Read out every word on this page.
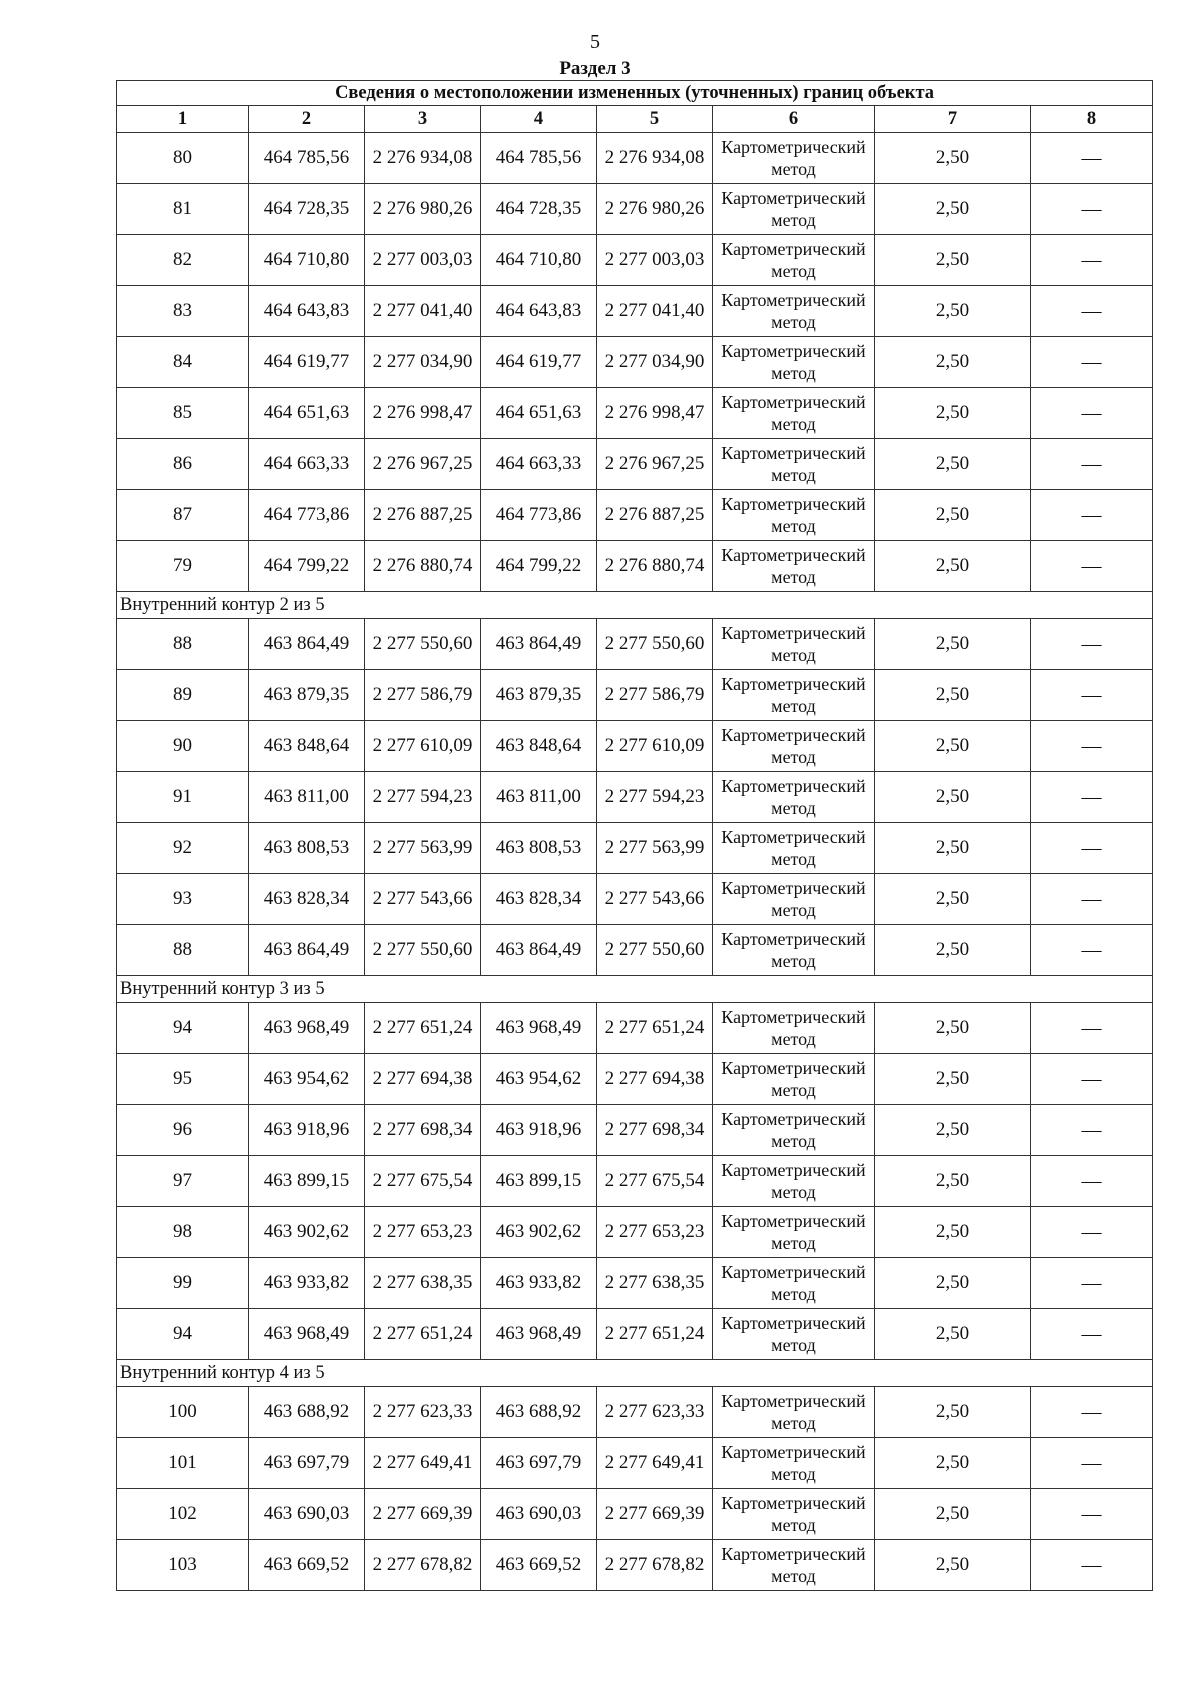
5
Раздел 3
Сведения о местоположении измененных (уточненных) границ объекта							
1	2	3	4	5	6	7	8
80	464 785,56	2 276 934,08	464 785,56	2 276 934,08	Картометрический метод	2,50	—
81	464 728,35	2 276 980,26	464 728,35	2 276 980,26	Картометрический метод	2,50	—
82	464 710,80	2 277 003,03	464 710,80	2 277 003,03	Картометрический метод	2,50	—
83	464 643,83	2 277 041,40	464 643,83	2 277 041,40	Картометрический метод	2,50	—
84	464 619,77	2 277 034,90	464 619,77	2 277 034,90	Картометрический метод	2,50	—
85	464 651,63	2 276 998,47	464 651,63	2 276 998,47	Картометрический метод	2,50	—
86	464 663,33	2 276 967,25	464 663,33	2 276 967,25	Картометрический метод	2,50	—
87	464 773,86	2 276 887,25	464 773,86	2 276 887,25	Картометрический метод	2,50	—
79	464 799,22	2 276 880,74	464 799,22	2 276 880,74	Картометрический метод	2,50	—
Внутренний контур 2 из 5							
88	463 864,49	2 277 550,60	463 864,49	2 277 550,60	Картометрический метод	2,50	—
89	463 879,35	2 277 586,79	463 879,35	2 277 586,79	Картометрический метод	2,50	—
90	463 848,64	2 277 610,09	463 848,64	2 277 610,09	Картометрический метод	2,50	—
91	463 811,00	2 277 594,23	463 811,00	2 277 594,23	Картометрический метод	2,50	—
92	463 808,53	2 277 563,99	463 808,53	2 277 563,99	Картометрический метод	2,50	—
93	463 828,34	2 277 543,66	463 828,34	2 277 543,66	Картометрический метод	2,50	—
88	463 864,49	2 277 550,60	463 864,49	2 277 550,60	Картометрический метод	2,50	—
Внутренний контур 3 из 5							
94	463 968,49	2 277 651,24	463 968,49	2 277 651,24	Картометрический метод	2,50	—
95	463 954,62	2 277 694,38	463 954,62	2 277 694,38	Картометрический метод	2,50	—
96	463 918,96	2 277 698,34	463 918,96	2 277 698,34	Картометрический метод	2,50	—
97	463 899,15	2 277 675,54	463 899,15	2 277 675,54	Картометрический метод	2,50	—
98	463 902,62	2 277 653,23	463 902,62	2 277 653,23	Картометрический метод	2,50	—
99	463 933,82	2 277 638,35	463 933,82	2 277 638,35	Картометрический метод	2,50	—
94	463 968,49	2 277 651,24	463 968,49	2 277 651,24	Картометрический метод	2,50	—
Внутренний контур 4 из 5							
100	463 688,92	2 277 623,33	463 688,92	2 277 623,33	Картометрический метод	2,50	—
101	463 697,79	2 277 649,41	463 697,79	2 277 649,41	Картометрический метод	2,50	—
102	463 690,03	2 277 669,39	463 690,03	2 277 669,39	Картометрический метод	2,50	—
103	463 669,52	2 277 678,82	463 669,52	2 277 678,82	Картометрический метод	2,50	—
